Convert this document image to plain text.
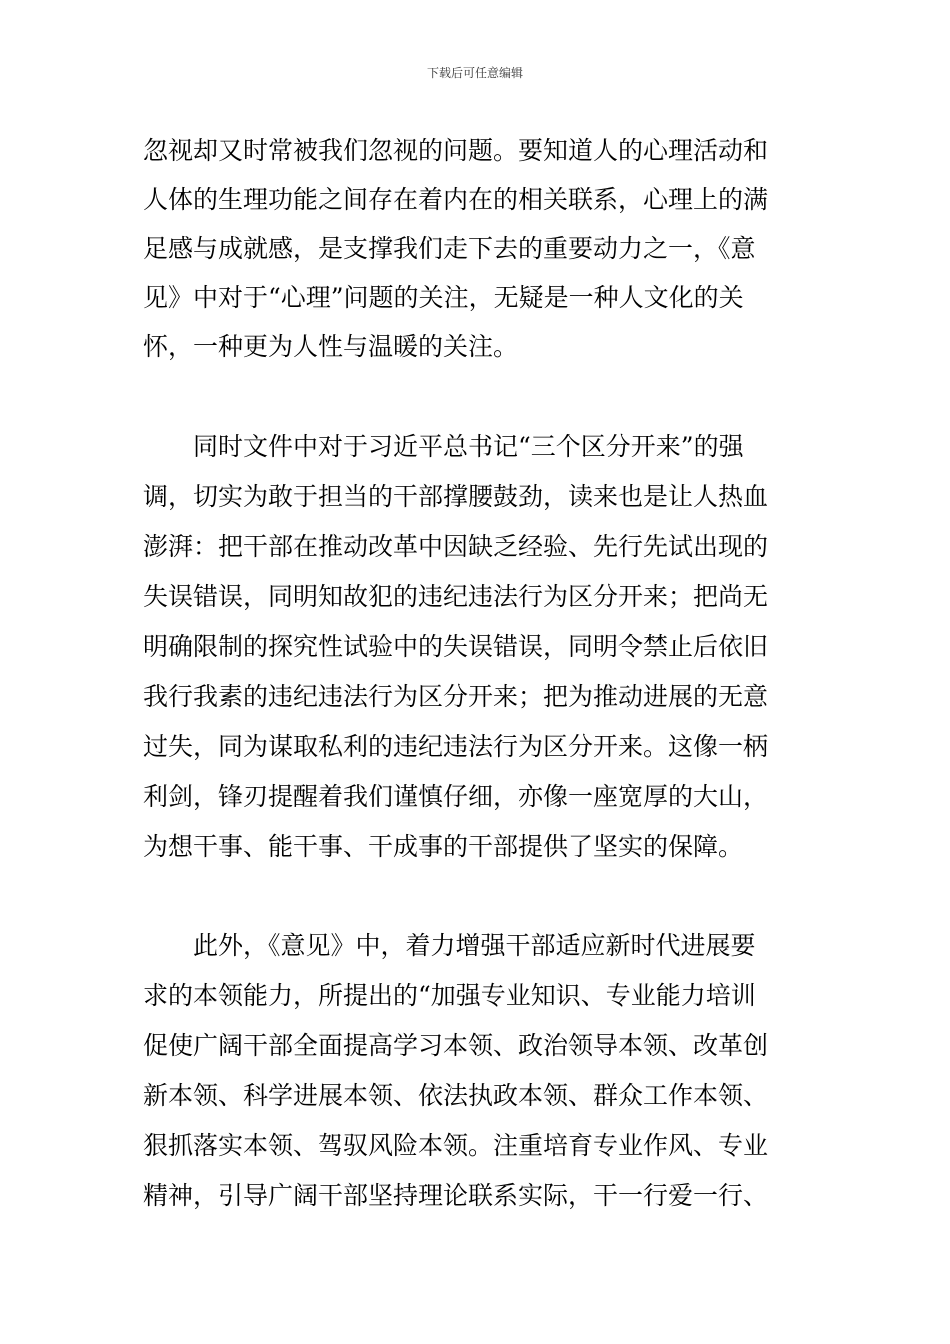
下载后可任意编辑
忽视却又时常被我们忽视的问题。要知道人的心理活动和
人体的生理功能之间存在着内在的相关联系，心理上的满
足感与成就感，是支撑我们走下去的重要动力之一，《意
见》中对于“心理”问题的关注，无疑是一种人文化的关
怀，一种更为人性与温暖的关注。
同时文件中对于习近平总书记“三个区分开来”的强
调，切实为敢于担当的干部撑腰鼓劲，读来也是让人热血
澎湃：把干部在推动改革中因缺乏经验、先行先试出现的
失误错误，同明知故犯的违纪违法行为区分开来；把尚无
明确限制的探究性试验中的失误错误，同明令禁止后依旧
我行我素的违纪违法行为区分开来；把为推动进展的无意
过失，同为谋取私利的违纪违法行为区分开来。这像一柄
利剑，锋刃提醒着我们谨慎仔细，亦像一座宽厚的大山，
为想干事、能干事、干成事的干部提供了坚实的保障。
此外，《意见》中，着力增强干部适应新时代进展要
求的本领能力，所提出的“加强专业知识、专业能力培训
促使广阔干部全面提高学习本领、政治领导本领、改革创
新本领、科学进展本领、依法执政本领、群众工作本领、
狠抓落实本领、驾驭风险本领。注重培育专业作风、专业
精神，引导广阔干部坚持理论联系实际，干一行爱一行、
